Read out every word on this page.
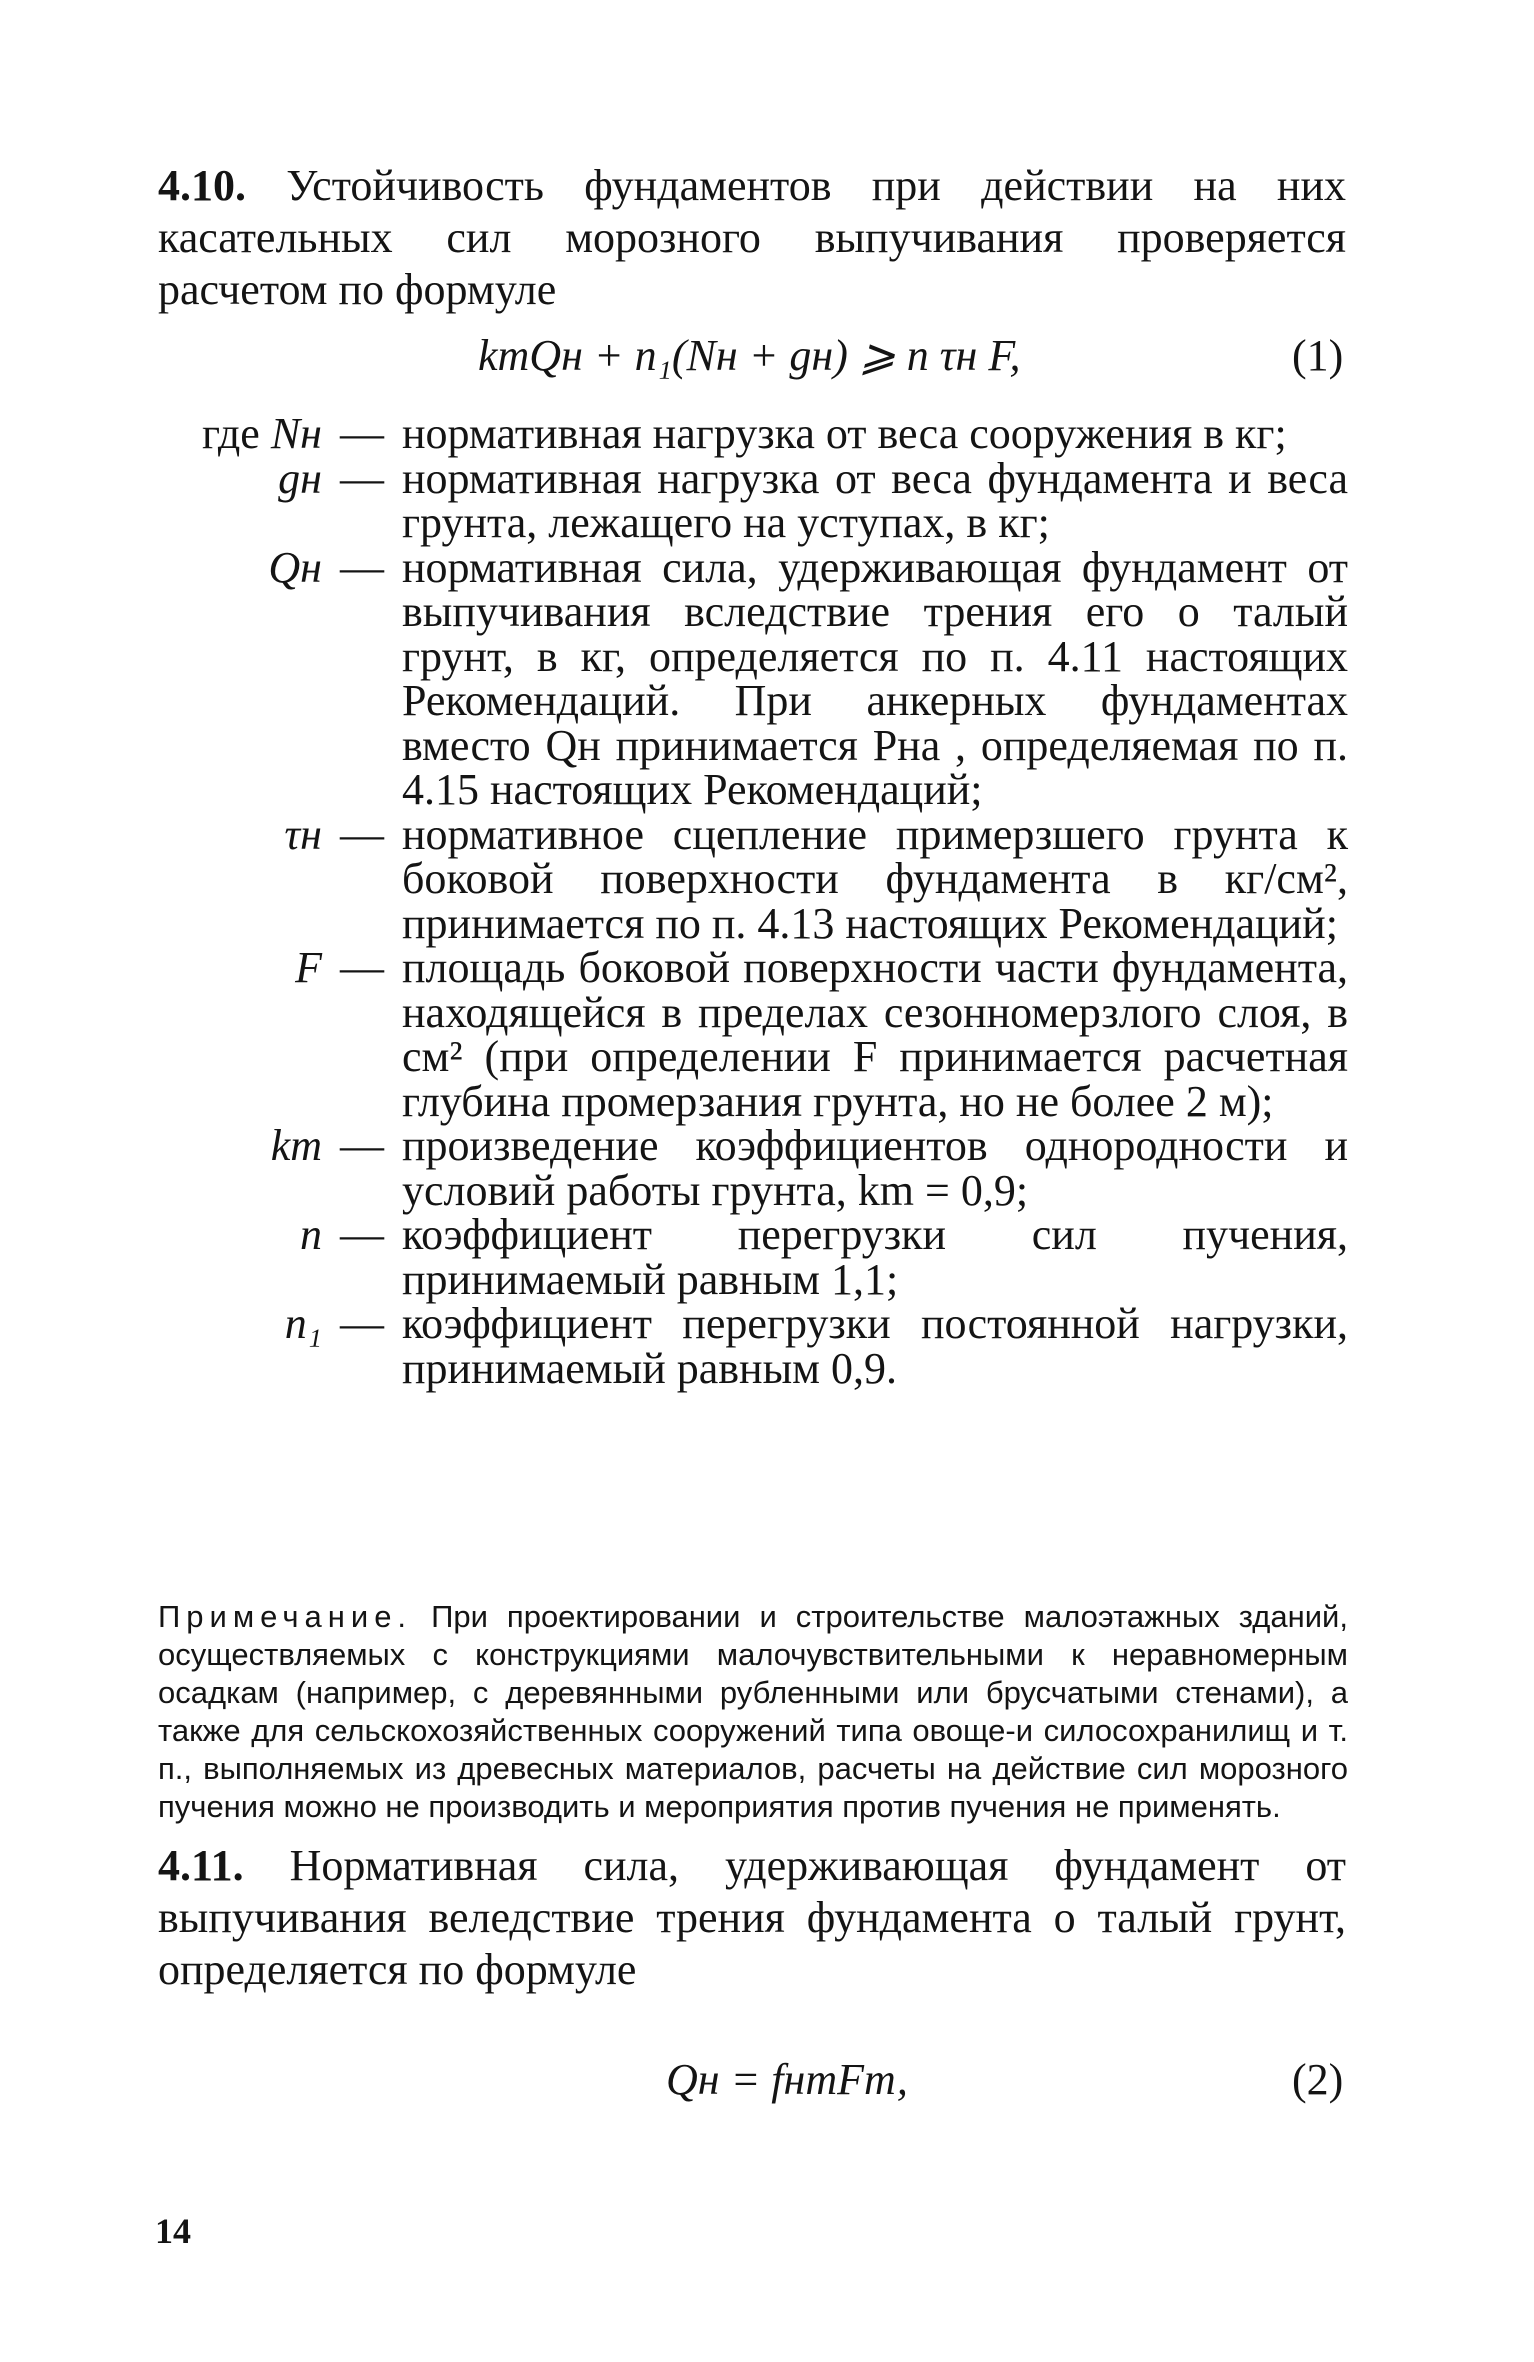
4.10. Устойчивость фундаментов при действии на них касательных сил морозного выпучивания проверяется расчетом по формуле
kmQн + n₁(Nн + gн) ⩾ n τн F,	(1)
где Nн — нормативная нагрузка от веса сооружения в кг;
gн — нормативная нагрузка от веса фундамента и веса грунта, лежащего на уступах, в кг;
Qн — нормативная сила, удерживающая фундамент от выпучивания вследствие трения его о талый грунт, в кг, определяется по п. 4.11 настоящих Рекомендаций. При анкерных фундаментах вместо Qн принимается Pнa , определяемая по п. 4.15 настоящих Рекомендаций;
τн — нормативное сцепление примерзшего грунта к боковой поверхности фундамента в кг/см², принимается по п. 4.13 настоящих Рекомендаций;
F — площадь боковой поверхности части фундамента, находящейся в пределах сезонномерзлого слоя, в см² (при определении F принимается расчетная глубина промерзания грунта, но не более 2 м);
km — произведение коэффициентов однородности и условий работы грунта, km = 0,9;
n — коэффициент перегрузки сил пучения, принимаемый равным 1,1;
n₁ — коэффициент перегрузки постоянной нагрузки, принимаемый равным 0,9.
Примечание. При проектировании и строительстве малоэтажных зданий, осуществляемых с конструкциями малочувствительными к неравномерным осадкам (например, с деревянными рубленными или брусчатыми стенами), а также для сельскохозяйственных сооружений типа овоще-и силосохранилищ и т. п., выполняемых из древесных материалов, расчеты на действие сил морозного пучения можно не производить и мероприятия против пучения не применять.
4.11. Нормативная сила, удерживающая фундамент от выпучивания веледствие трения фундамента о талый грунт, определяется по формуле
Qн = fнтFт,	(2)
14
